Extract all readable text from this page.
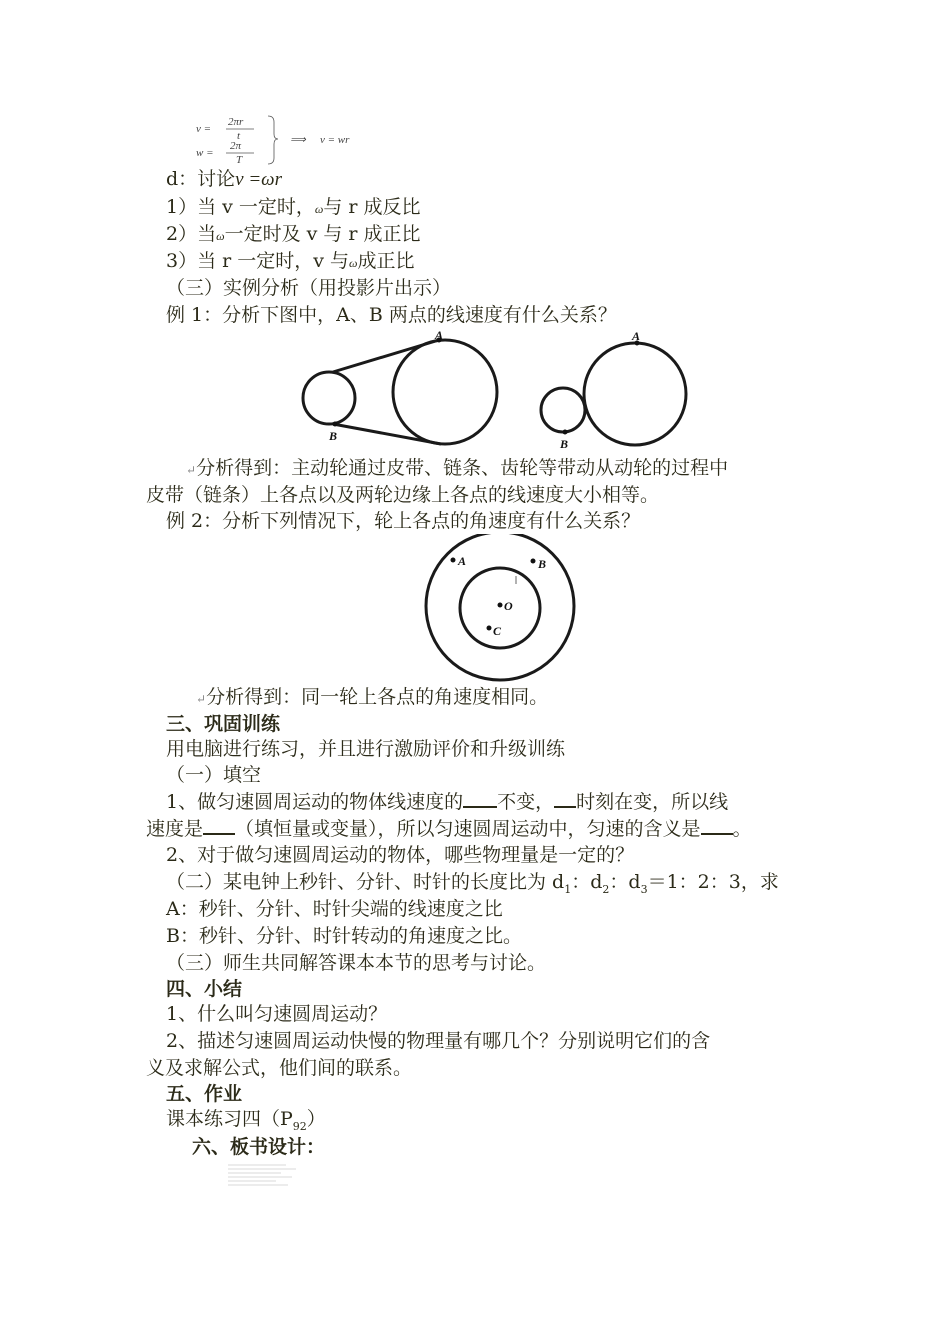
v =
2πr
t
w =
2π
T
⟹ v = wr
d：讨论v =ωr
1）当 v 一定时，ω与 r 成反比
2）当ω一定时及 v 与 r 成正比
3）当 r 一定时，v 与ω成正比
（三）实例分析（用投影片出示）
例 1：分析下图中，A、B 两点的线速度有什么关系？
A
B
A
B
↵分析得到：主动轮通过皮带、链条、齿轮等带动从动轮的过程中
皮带（链条）上各点以及两轮边缘上各点的线速度大小相等。
例 2：分析下列情况下，轮上各点的角速度有什么关系？
A	B
O
C
↵分析得到：同一轮上各点的角速度相同。
三、巩固训练
用电脑进行练习，并且进行激励评价和升级训练
（一）填空
1、做匀速圆周运动的物体线速度的 不变， 时刻在变，所以线
速度是 （填恒量或变量），所以匀速圆周运动中，匀速的含义是 。
2、对于做匀速圆周运动的物体，哪些物理量是一定的？
（二）某电钟上秒针、分针、时针的长度比为 $d_1$：$d_2$：$d_3=1$：2：3，求
A：秒针、分针、时针尖端的线速度之比
B：秒针、分针、时针转动的角速度之比。
（三）师生共同解答课本本节的思考与讨论。
四、小结
1、什么叫匀速圆周运动？
2、描述匀速圆周运动快慢的物理量有哪几个？分别说明它们的含
义及求解公式，他们间的联系。
五、作业
课本练习四$(P_{92})$
六、板书设计：
